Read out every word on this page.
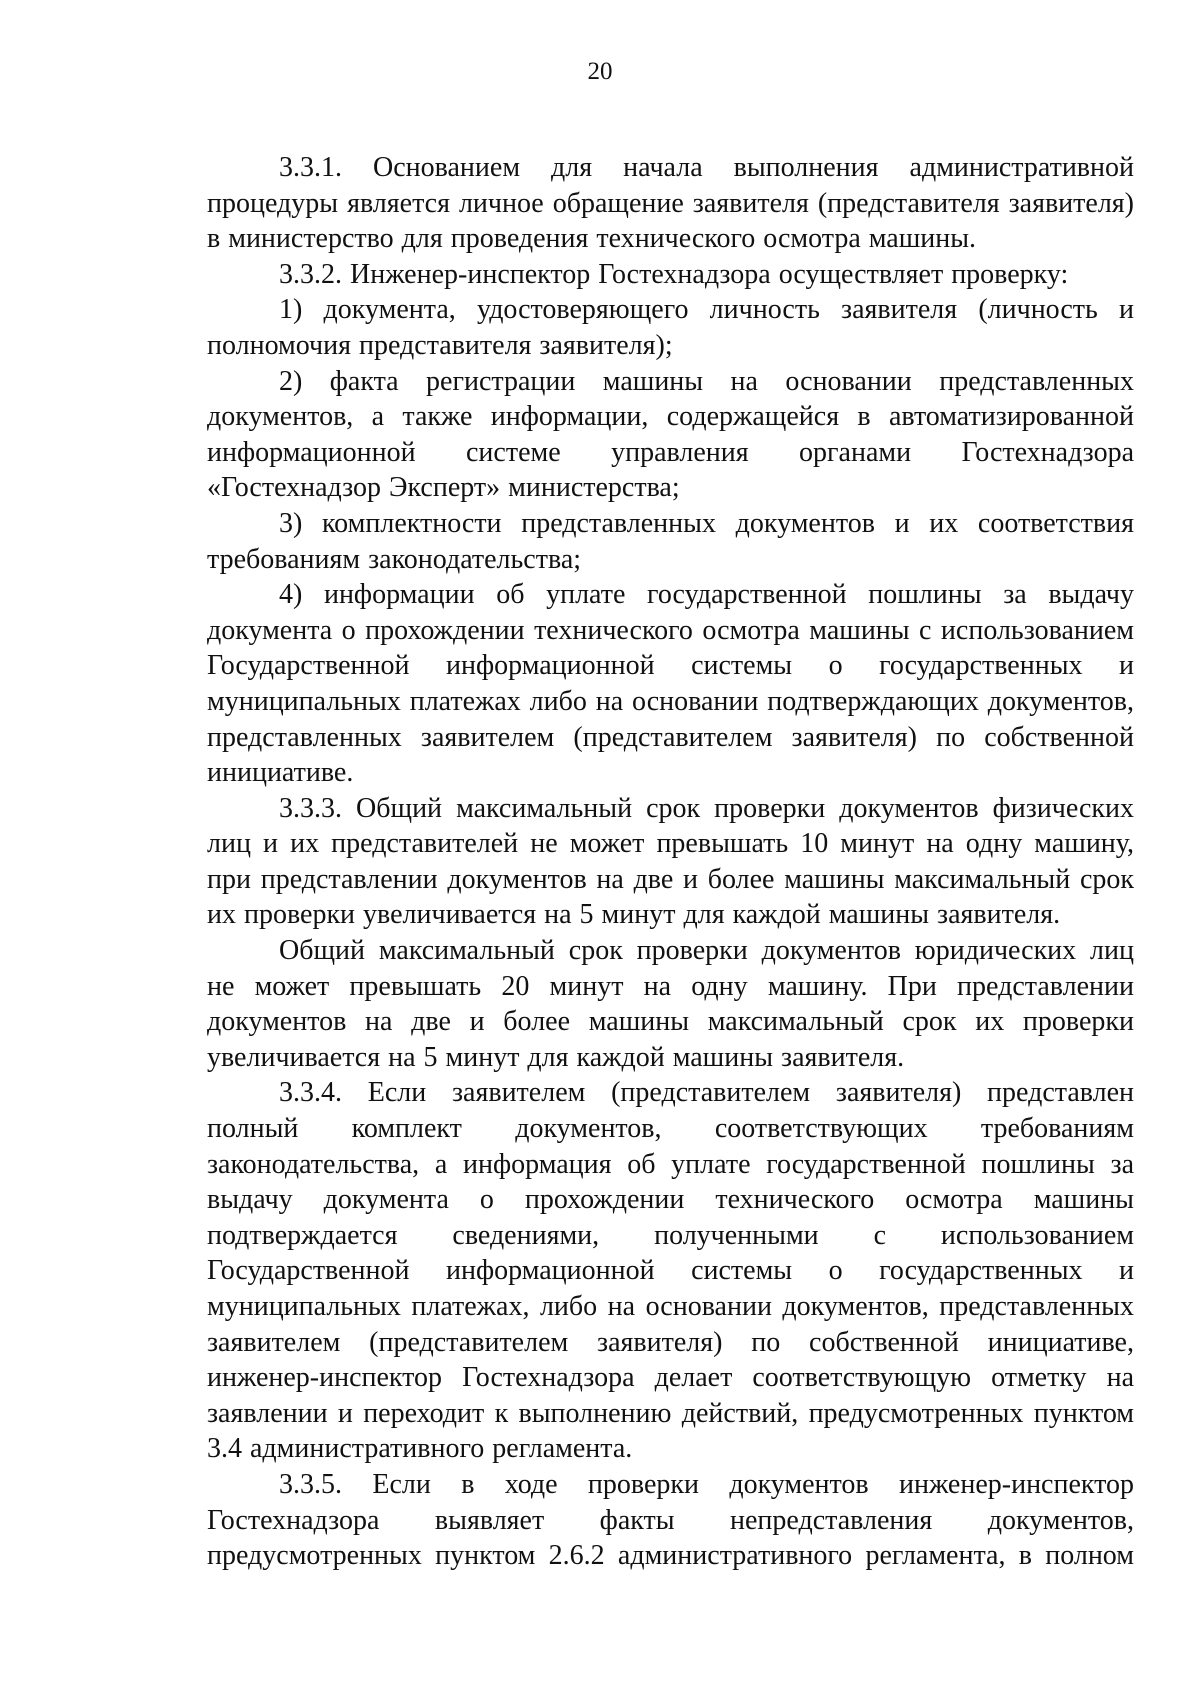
20

3.3.1. Основанием для начала выполнения административной процедуры является личное обращение заявителя (представителя заявителя) в министерство для проведения технического осмотра машины.

3.3.2. Инженер-инспектор Гостехнадзора осуществляет проверку:

1) документа, удостоверяющего личность заявителя (личность и полномочия представителя заявителя);

2) факта регистрации машины на основании представленных документов, а также информации, содержащейся в автоматизированной информационной системе управления органами Гостехнадзора «Гостехнадзор Эксперт» министерства;

3) комплектности представленных документов и их соответствия требованиям законодательства;

4) информации об уплате государственной пошлины за выдачу документа о прохождении технического осмотра машины с использованием Государственной информационной системы о государственных и муниципальных платежах либо на основании подтверждающих документов, представленных заявителем (представителем заявителя) по собственной инициативе.

3.3.3. Общий максимальный срок проверки документов физических лиц и их представителей не может превышать 10 минут на одну машину, при представлении документов на две и более машины максимальный срок их проверки увеличивается на 5 минут для каждой машины заявителя.

Общий максимальный срок проверки документов юридических лиц не может превышать 20 минут на одну машину. При представлении документов на две и более машины максимальный срок их проверки увеличивается на 5 минут для каждой машины заявителя.

3.3.4. Если заявителем (представителем заявителя) представлен полный комплект документов, соответствующих требованиям законодательства, а информация об уплате государственной пошлины за выдачу документа о прохождении технического осмотра машины подтверждается сведениями, полученными с использованием Государственной информационной системы о государственных и муниципальных платежах, либо на основании документов, представленных заявителем (представителем заявителя) по собственной инициативе, инженер-инспектор Гостехнадзора делает соответствующую отметку на заявлении и переходит к выполнению действий, предусмотренных пунктом 3.4 административного регламента.

3.3.5. Если в ходе проверки документов инженер-инспектор Гостехнадзора выявляет факты непредставления документов, предусмотренных пунктом 2.6.2 административного регламента, в полном
